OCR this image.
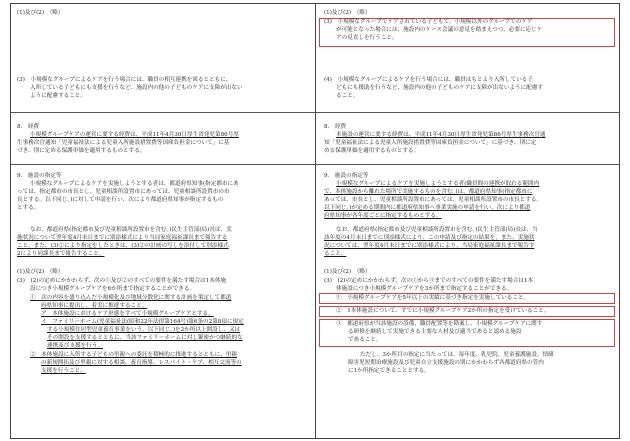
(1)及び(2)　（略）
(3)　小規模なグループによるケアを行う場合には、職員の相互連携を図るとともに、
入所している子どもにも支援を行うなど、施設内の他の子どものケアに支障が出ない
ように配慮すること。
8.　経費
小規模グループケアの運営に要する経費は、平成11年4月30日厚生省発児第86号厚
生事務次官通知「児童福祉法による児童入所施設措置費等国庫負担金について」に基
づき、別に定める保護単価を適用するものとする。
9.　施設の指定等
小規模なグループによるケアを実施しようとする者は、都道府県知事(指定都市にあ
っては、指定都市の市長とし、児童相談所設置市にあっては、児童相談所設置市の市
長とする。以下同じ。)に対して申請を行い、次により都道府県知事が指定するもの
とする。
なお、都道府県(指定都市及び児童相談所設置市を含む。)民生主管部(局)長は、実
施状況について翌年度4月末日までに別添様式により当局家庭福祉課長まで報告する
こと。また、(3)②により指定をしたときは、(3)②の計画の写しを添付して別添様式
2により同課長まで報告すること。
(1)及び(2)　（略）
(3)　(2)の定めにかかわらず、次の①及び②のすべての要件を満たす場合は1本体施
設につき小規模グループケアを6か所まで指定することができる。
①　次の内容を盛り込んだ小規模化及び地域分散化に関する計画を策定して都道
府県知事に提出し、着実に推進すること。
ア　本体施設におけるケア形態をすべて小規模グループケアとする。
イ　ファミリーホーム(児童福祉法(昭和22年法律第164号)第6条の2第8項に規定
する小規模住居型児童養育事業をいう。以下同じ。)を2か所以上開設し、又は
その開設を支援するとともに、当該ファミリーホームに対し緊密かつ継続的な
連携及び支援を行う。
②　本体施設に入所する子どもの里親への委託を積極的に推進するとともに、里親
の新規開拓及び里親に対する相談、養育指導、レスパイト・ケア、相互交流等の
支援を行うこと。
(1)及び(2)　（略）
(3)　小規模なグループでケアされている子どもで、小規模以外のグループでのケア
が可能となった場合には、施設内のケース会議の意見を踏まえつつ、必要に応じケ
アの見直しを行うこと。
(4)　小規模なグループによるケアを行う場合には、職員はもとより入所している子
どもにも援助を行うなど、施設内の他の子どものケアに支障が出ないように配慮す
ること。
8.　経費
本施設の運営に要する経費は、平成11年4月30日厚生省発児第86号厚生事務次官通
知「児童福祉法による児童入所施設措置費等国庫負担金について」に基づき、別に定
める保護単価を適用するものとする。
9.　施設の指定等
小規模なグループによるケアを実施しようとする者(職員間の連携が取れる範囲内
で、本体施設から離れた場所で実施するものを含む。)は、都道府県知事(指定都市に
あっては、市長とし、児童相談所設置市にあっては、児童相談所設置市の市長とする。
以下同じ。)が定める期間内に都道府県知事へ事業実施の申請を行い、次により都道
府県知事が各年度ごとに指定するものとする。
なお、都道府県(指定都市及び児童相談所設置市を含む。)民生主管部(局)長は、当
該年度の4月末日までに別添様式により、この申請及び指定の結果を、また、実施状
況については、翌年度4月末日までに別添様式により、当局家庭福祉課長まで報告す
ること。
(1)及び(2)　（略）
(3)　(2)の定めにかかわらず、次の①から③までのすべての要件を満たす場合は1本
体施設につき小規模グループケアを3か所まで指定することができる。
①　小規模グループケアを5年以上の実績に基づき指定を実施していること。
②　1本体施設について、すでに小規模グループケア2か所の指定を受けていること。
③　都道府県が当該施設の設備、職員配置等を勘案し、小規模グループケアに関す
る研修を継続して実施できる主要な人材及び適当であると認める施設
であること。
ただし、3か所目の指定に当たっては、毎年度、乳児院、児童養護施設、情緒
障害児短期治療施設及び児童自立支援施設の別にかかわらず各都道府県の管内
に1か所指定できることとする。
